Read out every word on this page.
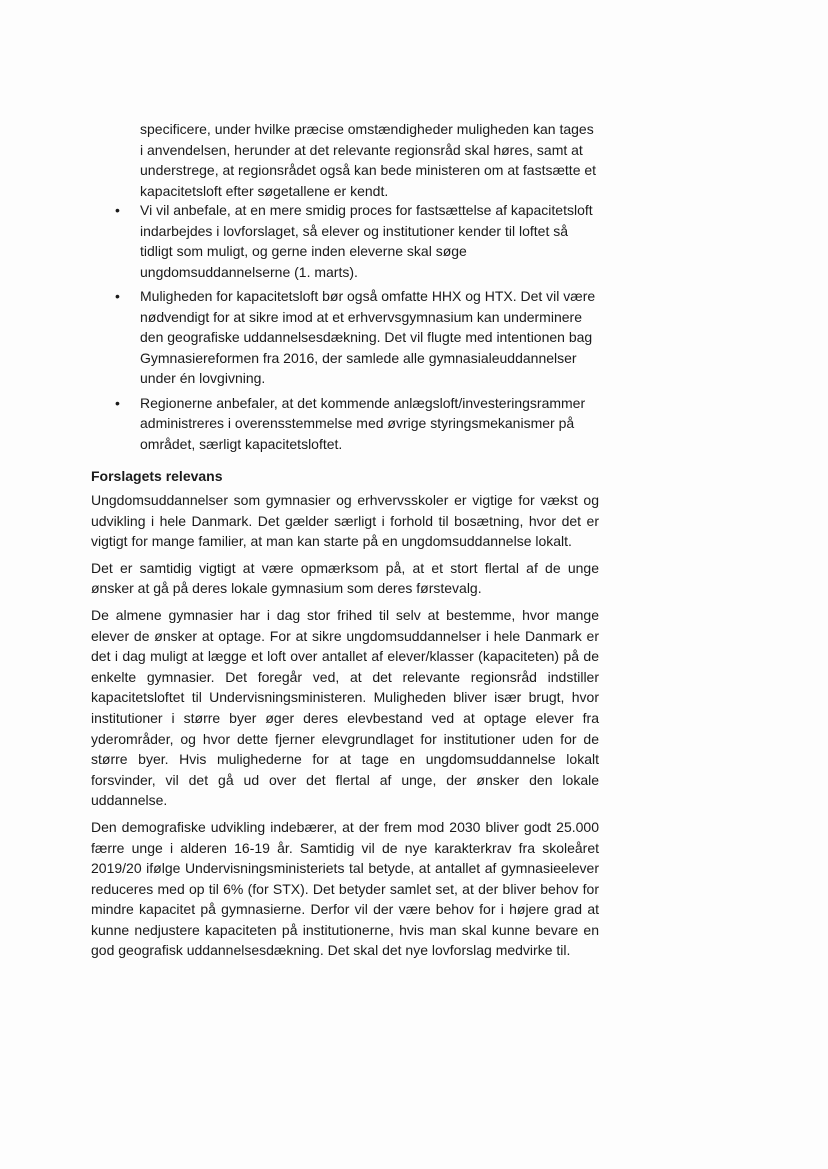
specificere, under hvilke præcise omstændigheder muligheden kan tages i anvendelsen, herunder at det relevante regionsråd skal høres, samt at understrege, at regionsrådet også kan bede ministeren om at fastsætte et kapacitetsloft efter søgetallene er kendt.

• Vi vil anbefale, at en mere smidig proces for fastsættelse af kapacitetsloft indarbejdes i lovforslaget, så elever og institutioner kender til loftet så tidligt som muligt, og gerne inden eleverne skal søge ungdomsuddannelserne (1. marts).
• Muligheden for kapacitetsloft bør også omfatte HHX og HTX. Det vil være nødvendigt for at sikre imod at et erhvervsgymnasium kan underminere den geografiske uddannelsesdækning. Det vil flugte med intentionen bag Gymnasiereformen fra 2016, der samlede alle gymnasialeuddannelser under én lovgivning.
• Regionerne anbefaler, at det kommende anlægsloft/investeringsrammer administreres i overensstemmelse med øvrige styringsmekanismer på området, særligt kapacitetsloftet.
Forslagets relevans

Ungdomsuddannelser som gymnasier og erhvervsskoler er vigtige for vækst og udvikling i hele Danmark. Det gælder særligt i forhold til bosætning, hvor det er vigtigt for mange familier, at man kan starte på en ungdomsuddannelse lokalt.

Det er samtidig vigtigt at være opmærksom på, at et stort flertal af de unge ønsker at gå på deres lokale gymnasium som deres førstevalg.

De almene gymnasier har i dag stor frihed til selv at bestemme, hvor mange elever de ønsker at optage. For at sikre ungdomsuddannelser i hele Danmark er det i dag muligt at lægge et loft over antallet af elever/klasser (kapaciteten) på de enkelte gymnasier. Det foregår ved, at det relevante regionsråd indstiller kapacitetsloftet til Undervisningsministeren. Muligheden bliver især brugt, hvor institutioner i større byer øger deres elevbestand ved at optage elever fra yderområder, og hvor dette fjerner elevgrundlaget for institutioner uden for de større byer. Hvis mulighederne for at tage en ungdomsuddannelse lokalt forsvinder, vil det gå ud over det flertal af unge, der ønsker den lokale uddannelse.

Den demografiske udvikling indebærer, at der frem mod 2030 bliver godt 25.000 færre unge i alderen 16-19 år. Samtidig vil de nye karakterkrav fra skoleåret 2019/20 ifølge Undervisningsministeriets tal betyde, at antallet af gymnasieelever reduceres med op til 6% (for STX). Det betyder samlet set, at der bliver behov for mindre kapacitet på gymnasierne. Derfor vil der være behov for i højere grad at kunne nedjustere kapaciteten på institutionerne, hvis man skal kunne bevare en god geografisk uddannelsesdækning. Det skal det nye lovforslag medvirke til.
